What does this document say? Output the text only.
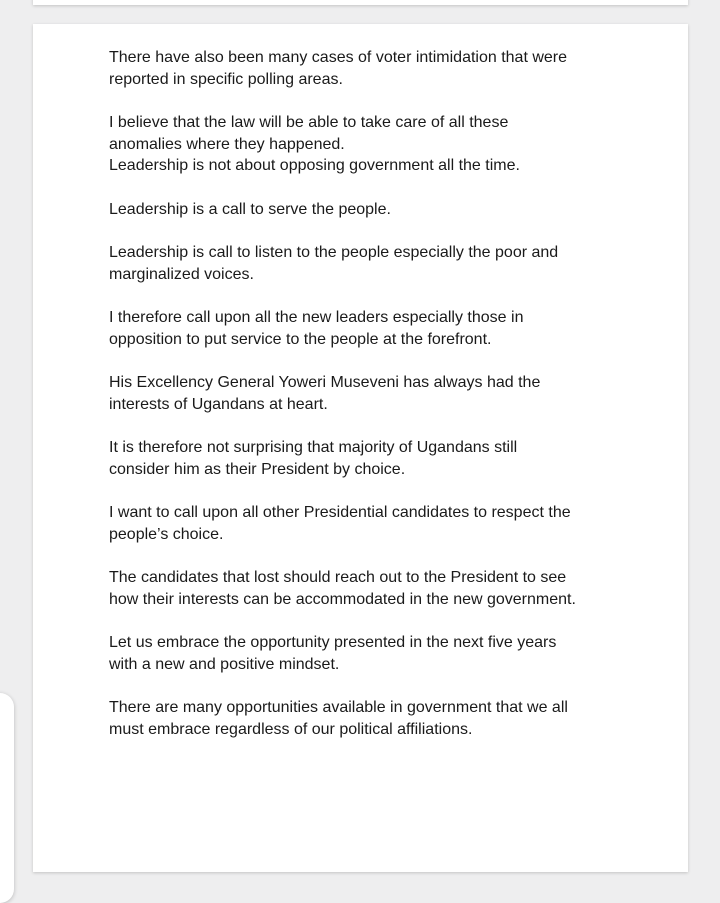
There have also been many cases of voter intimidation that were
reported in specific polling areas.

I believe that the law will be able to take care of all these
anomalies where they happened.

Leadership is not about opposing government all the time.

Leadership is a call to serve the people.

Leadership is call to listen to the people especially the poor and
marginalized voices.

I therefore call upon all the new leaders especially those in
opposition to put service to the people at the forefront.

His Excellency General Yoweri Museveni has always had the
interests of Ugandans at heart.

It is therefore not surprising that majority of Ugandans still
consider him as their President by choice.

I want to call upon all other Presidential candidates to respect the
people’s choice.

The candidates that lost should reach out to the President to see
how their interests can be accommodated in the new government.

Let us embrace the opportunity presented in the next five years
with a new and positive mindset.

There are many opportunities available in government that we all
must embrace regardless of our political affiliations.
